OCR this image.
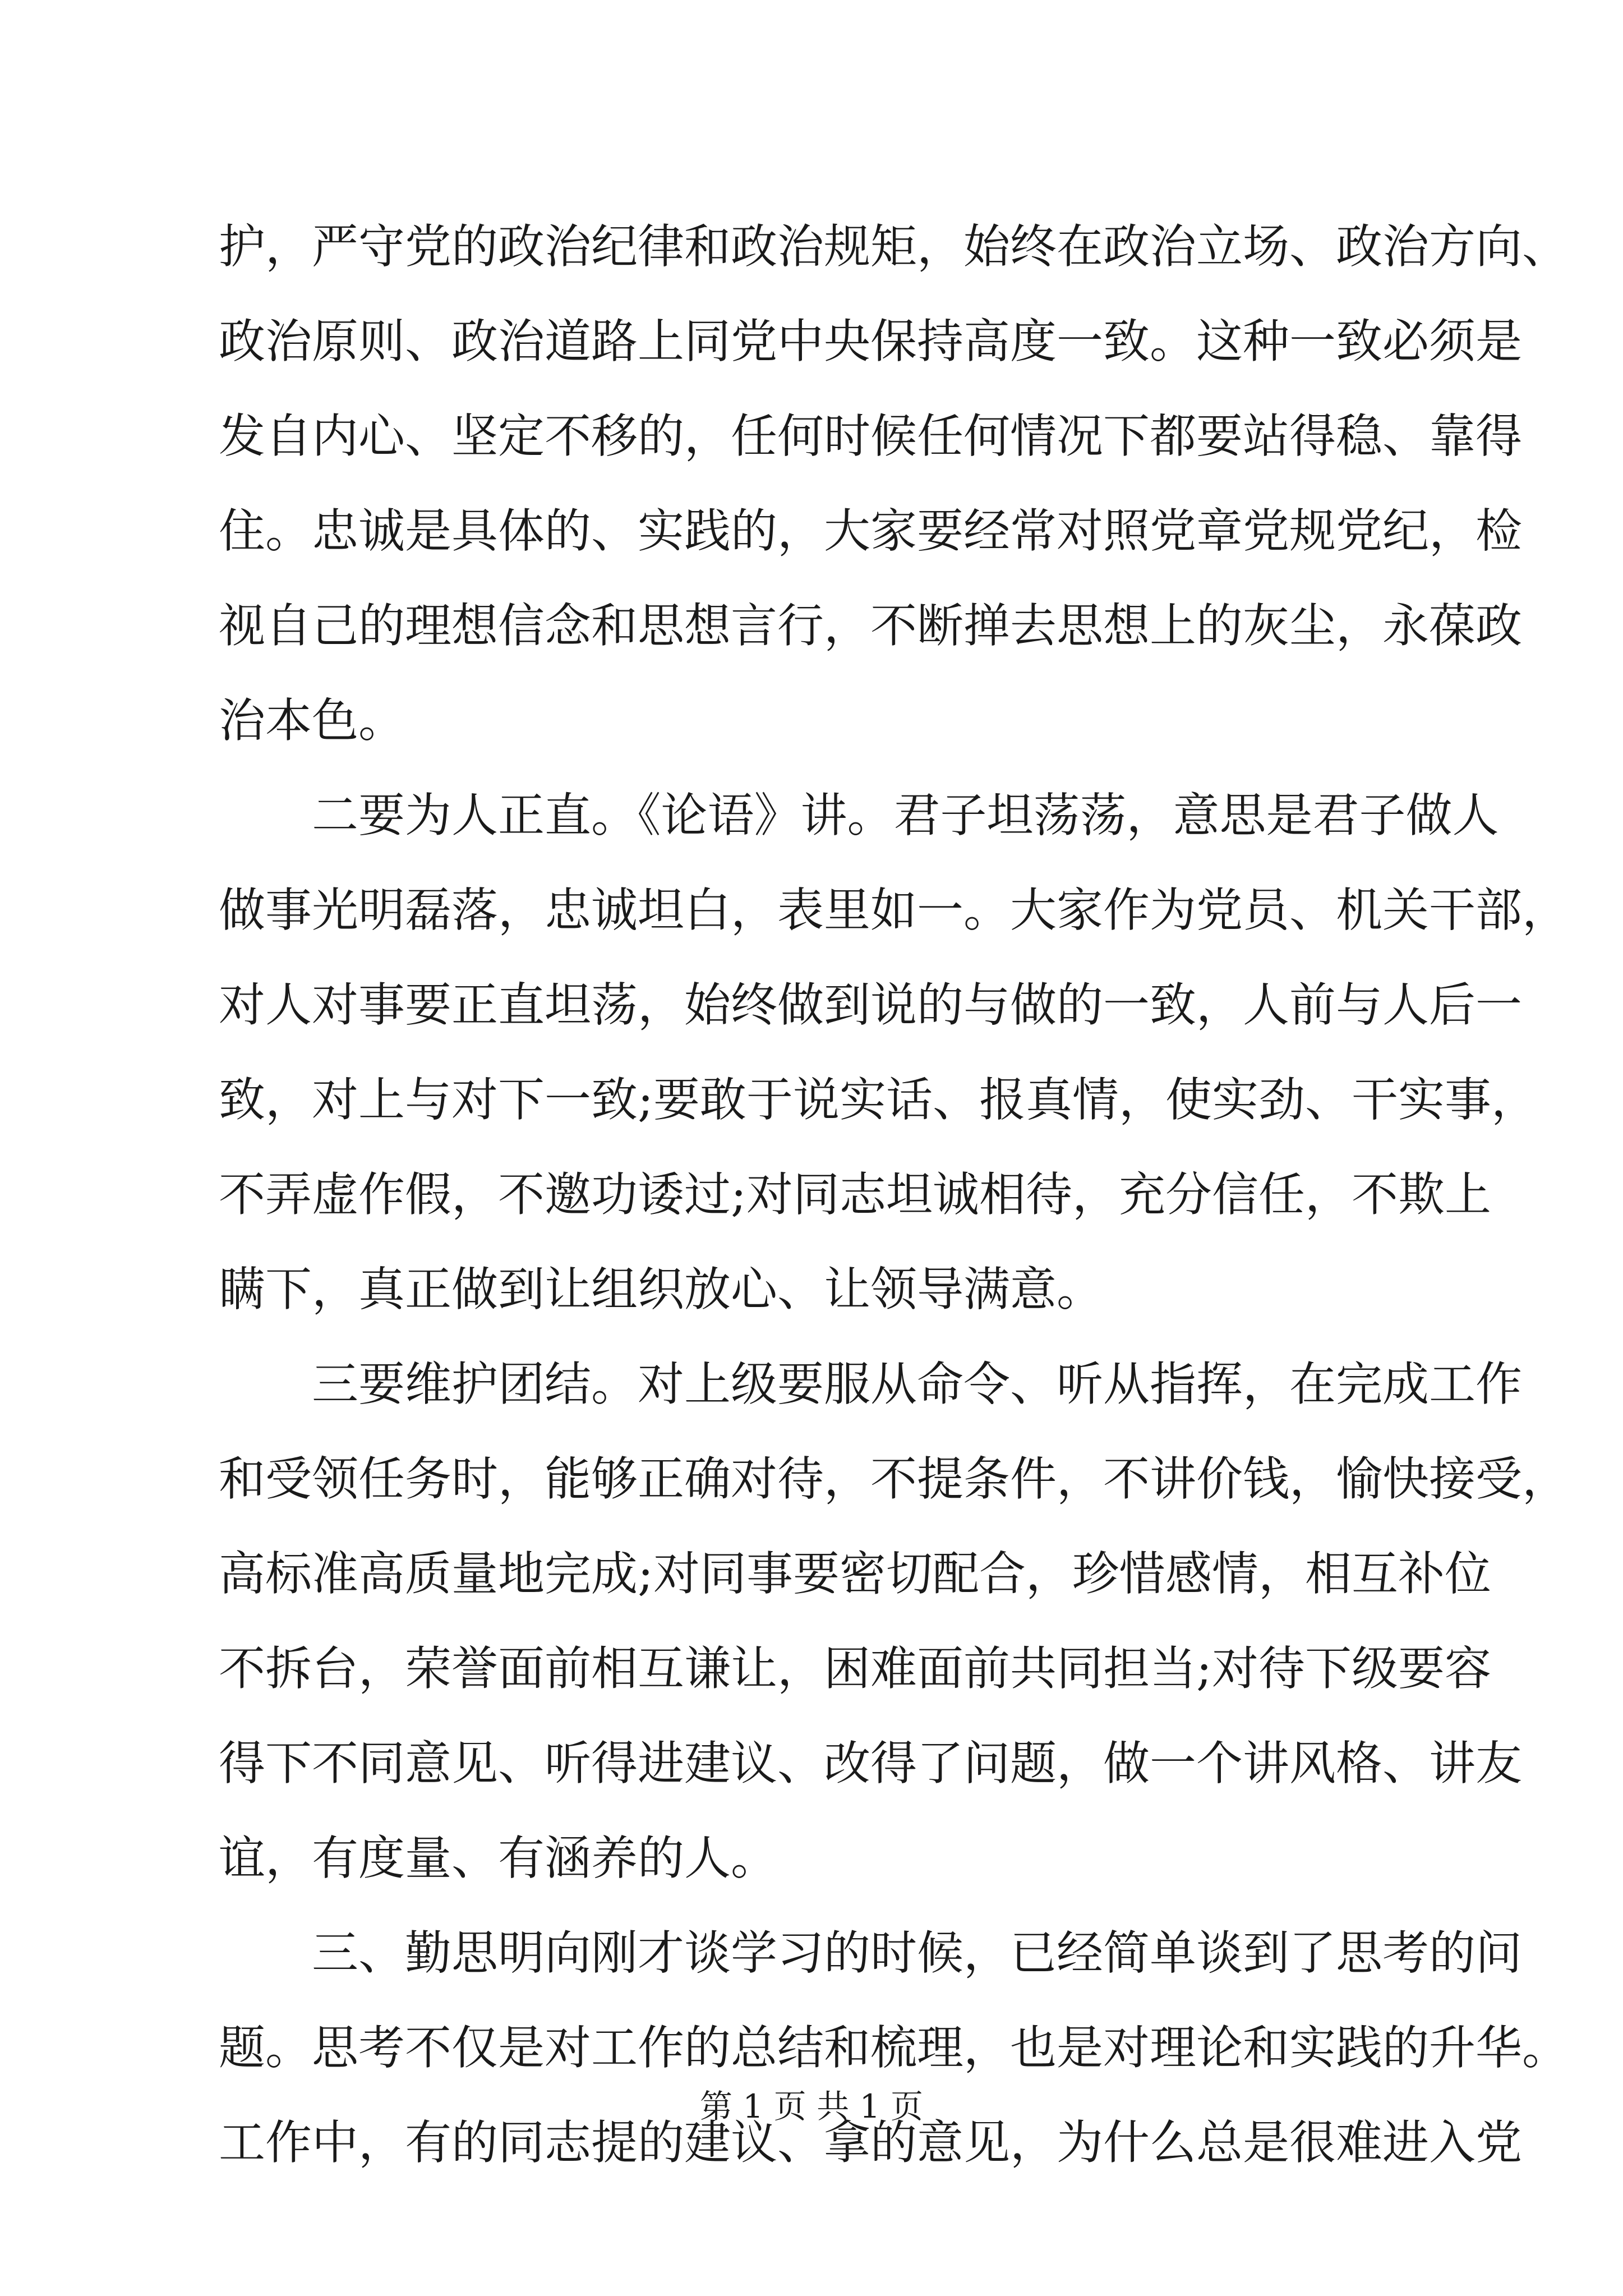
护，严守党的政治纪律和政治规矩，始终在政治立场、政治方向、
政治原则、政治道路上同党中央保持高度一致。这种一致必须是
发自内心、坚定不移的，任何时候任何情况下都要站得稳、靠得
住。忠诚是具体的、实践的，大家要经常对照党章党规党纪，检
视自己的理想信念和思想言行，不断掸去思想上的灰尘，永葆政
治本色。
二要为人正直。《论语》讲。君子坦荡荡，意思是君子做人
做事光明磊落，忠诚坦白，表里如一。大家作为党员、机关干部，
对人对事要正直坦荡，始终做到说的与做的一致，人前与人后一
致，对上与对下一致;要敢于说实话、报真情，使实劲、干实事，
不弄虚作假，不邀功诿过;对同志坦诚相待，充分信任，不欺上
瞒下，真正做到让组织放心、让领导满意。
三要维护团结。对上级要服从命令、听从指挥，在完成工作
和受领任务时，能够正确对待，不提条件，不讲价钱，愉快接受，
高标准高质量地完成;对同事要密切配合，珍惜感情，相互补位
不拆台，荣誉面前相互谦让，困难面前共同担当;对待下级要容
得下不同意见、听得进建议、改得了问题，做一个讲风格、讲友
谊，有度量、有涵养的人。
三、勤思明向刚才谈学习的时候，已经简单谈到了思考的问
题。思考不仅是对工作的总结和梳理，也是对理论和实践的升华。
工作中，有的同志提的建议、拿的意见，为什么总是很难进入党
第 1 页 共 1 页
